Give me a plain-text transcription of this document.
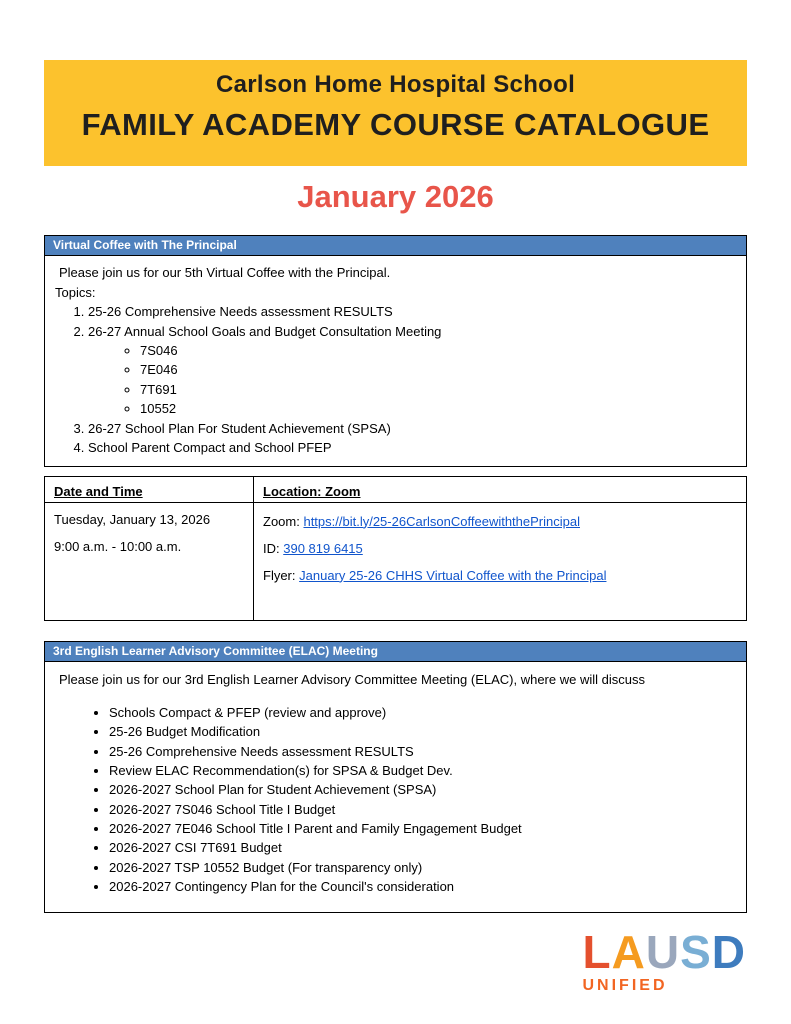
Carlson Home Hospital School
FAMILY ACADEMY COURSE CATALOGUE
January 2026
Virtual Coffee with The Principal

Please join us for our 5th Virtual Coffee with the Principal.

Topics:

1. 25-26 Comprehensive Needs assessment RESULTS
2. 26-27 Annual School Goals and Budget Consultation Meeting
◦ 7S046
◦ 7E046
◦ 7T691
◦ 10552
3. 26-27 School Plan For Student Achievement (SPSA)
4. School Parent Compact and School PFEP
Date and Time	Location: Zoom

Tuesday, January 13, 2026

9:00 a.m. - 10:00 a.m.

Zoom: https://bit.ly/25-26CarlsonCoffeewiththePrincipal

ID: 390 819 6415

Flyer: January 25-26 CHHS Virtual Coffee with the Principal

3rd English Learner Advisory Committee (ELAC) Meeting

Please join us for our 3rd English Learner Advisory Committee Meeting (ELAC), where we will discuss

• Schools Compact & PFEP (review and approve)
• 25-26 Budget Modification
• 25-26 Comprehensive Needs assessment RESULTS
• Review ELAC Recommendation(s) for SPSA & Budget Dev.
• 2026-2027 School Plan for Student Achievement (SPSA)
• 2026-2027 7S046 School Title I Budget
• 2026-2027 7E046 School Title I Parent and Family Engagement Budget
• 2026-2027 CSI 7T691 Budget
• 2026-2027 TSP 10552 Budget (For transparency only)
• 2026-2027 Contingency Plan for the Council's consideration
LAUSD
UNIFIED
